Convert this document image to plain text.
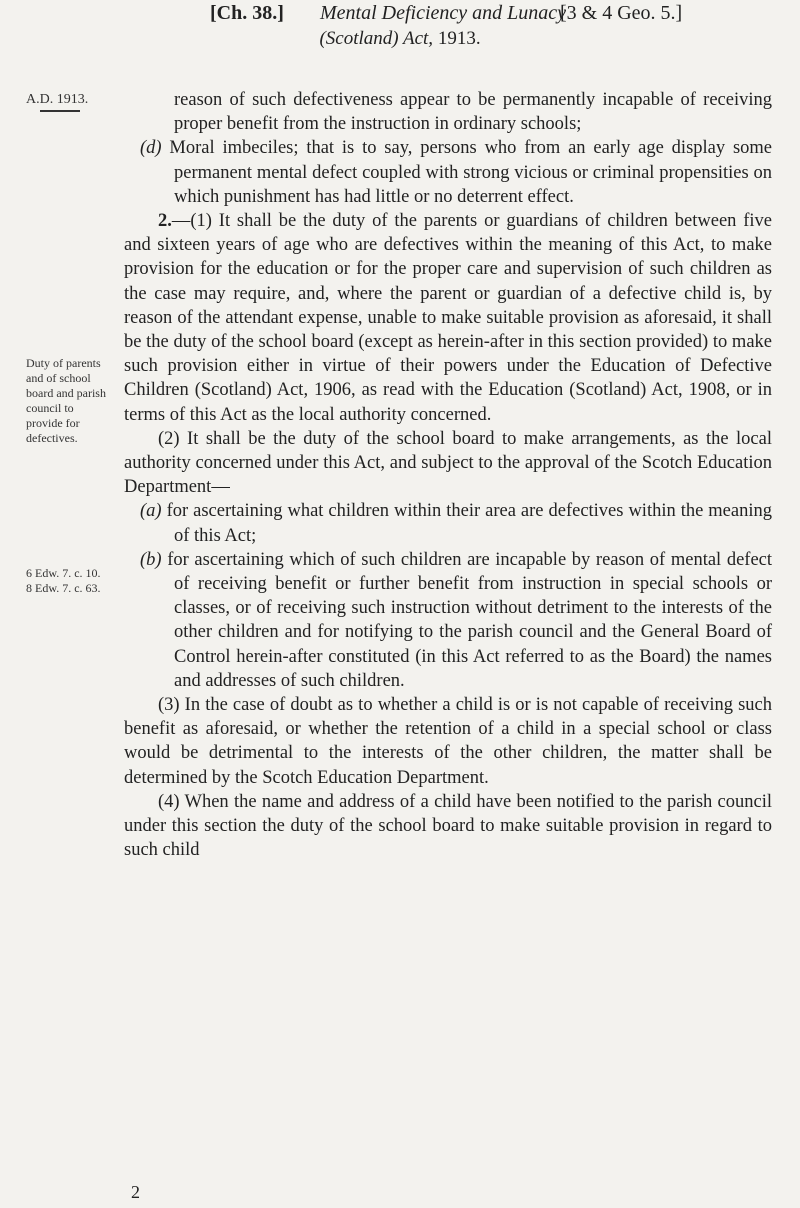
[Ch. 38.] Mental Deficiency and Lunacy
[3 & 4 Geo. 5.]
(Scotland) Act, 1913.
A.D. 1913.
Duty of parents and of school board and parish council to provide for defectives.
6 Edw. 7. c. 10. 8 Edw. 7. c. 63.

reason of such defectiveness appear to be permanently incapable of receiving proper benefit from the instruction in ordinary schools;

(d) Moral imbeciles; that is to say, persons who from an early age display some permanent mental defect coupled with strong vicious or criminal propensities on which punishment has had little or no deterrent effect.

2.—(1) It shall be the duty of the parents or guardians of children between five and sixteen years of age who are defectives within the meaning of this Act, to make provision for the education or for the proper care and supervision of such children as the case may require, and, where the parent or guardian of a defective child is, by reason of the attendant expense, unable to make suitable provision as aforesaid, it shall be the duty of the school board (except as herein-after in this section provided) to make such provision either in virtue of their powers under the Education of Defective Children (Scotland) Act, 1906, as read with the Education (Scotland) Act, 1908, or in terms of this Act as the local authority concerned.

(2) It shall be the duty of the school board to make arrangements, as the local authority concerned under this Act, and subject to the approval of the Scotch Education Department—

(a) for ascertaining what children within their area are defectives within the meaning of this Act;

(b) for ascertaining which of such children are incapable by reason of mental defect of receiving benefit or further benefit from instruction in special schools or classes, or of receiving such instruction without detriment to the interests of the other children and for notifying to the parish council and the General Board of Control herein-after constituted (in this Act referred to as the Board) the names and addresses of such children.

(3) In the case of doubt as to whether a child is or is not capable of receiving such benefit as aforesaid, or whether the retention of a child in a special school or class would be detrimental to the interests of the other children, the matter shall be determined by the Scotch Education Department.

(4) When the name and address of a child have been notified to the parish council under this section the duty of the school board to make suitable provision in regard to such child

2
